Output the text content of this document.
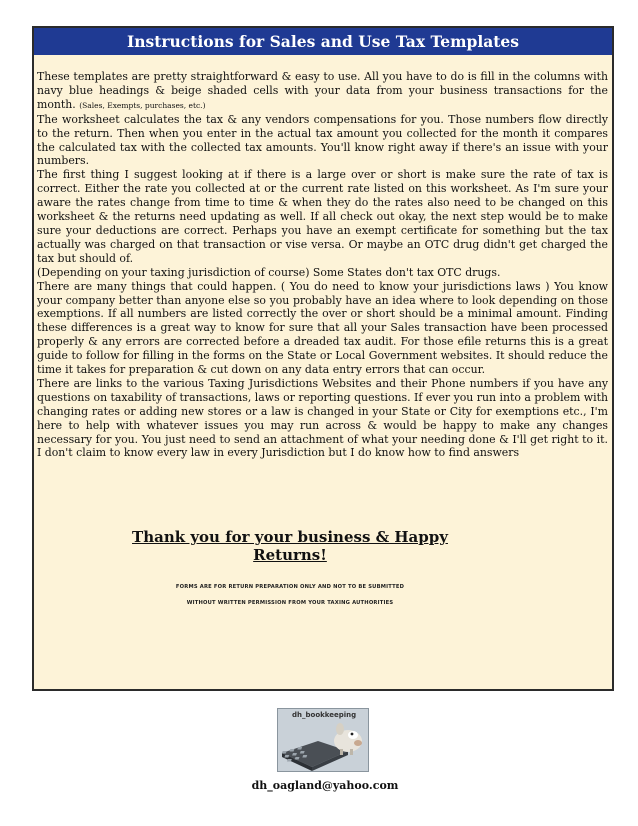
Instructions for Sales and Use Tax Templates

These templates are pretty straightforward & easy to use. All you have to do is fill in the columns with navy blue headings & beige shaded cells with your data from your business transactions for the month. (Sales, Exempts, purchases, etc.)

The worksheet calculates the tax & any vendors compensations for you. Those numbers flow directly to the return. Then when you enter in the actual tax amount you collected for the month it compares the calculated tax with the collected tax amounts. You'll know right away if there's an issue with your numbers.

The first thing I suggest looking at if there is a large over or short is make sure the rate of tax is correct. Either the rate you collected at or the current rate listed on this worksheet. As I'm sure your aware the rates change from time to time & when they do the rates also need to be changed on this worksheet & the returns need updating as well. If all check out okay, the next step would be to make sure your deductions are correct. Perhaps you have an exempt certificate for something but the tax actually was charged on that transaction or vise versa. Or maybe an OTC drug didn't get charged the tax but should of.

(Depending on your taxing jurisdiction of course) Some States don't tax OTC drugs.

There are many things that could happen. ( You do need to know your jurisdictions laws ) You know your company better than anyone else so you probably have an idea where to look depending on those exemptions. If all numbers are listed correctly the over or short should be a minimal amount. Finding these differences is a great way to know for sure that all your Sales transaction have been processed properly & any errors are corrected before a dreaded tax audit. For those efile returns this is a great guide to follow for filling in the forms on the State or Local Government websites. It should reduce the time it takes for preparation & cut down on any data entry errors that can occur.

There are links to the various Taxing Jurisdictions Websites and their Phone numbers if you have any questions on taxability of transactions, laws or reporting questions. If ever you run into a problem with changing rates or adding new stores or a law is changed in your State or City for exemptions etc., I'm here to help with whatever issues you may run across & would be happy to make any changes necessary for you. You just need to send an attachment of what your needing done & I'll get right to it. I don't claim to know every law in every Jurisdiction but I do know how to find answers

Thank you for your business & Happy Returns!
FORMS ARE FOR RETURN PREPARATION ONLY AND NOT TO BE SUBMITTED
WITHOUT WRITTEN PERMISSION FROM YOUR TAXING AUTHORITIES
dh_bookkeeping
dh_oagland@yahoo.com
